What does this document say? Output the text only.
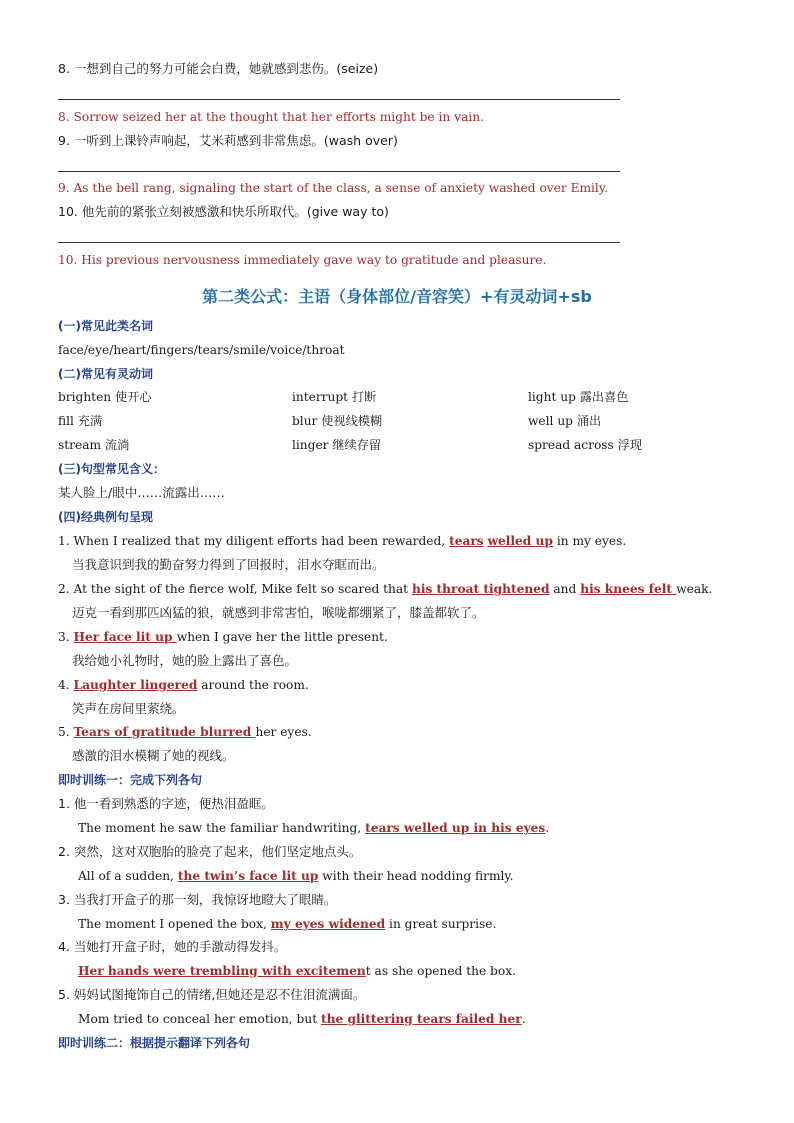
8. 一想到自己的努力可能会白费，她就感到悲伤。(seize)
8. Sorrow seized her at the thought that her efforts might be in vain.
9. 一听到上课铃声响起，艾米莉感到非常焦虑。(wash over)
9. As the bell rang, signaling the start of the class, a sense of anxiety washed over Emily.
10. 他先前的紧张立刻被感激和快乐所取代。(give way to)
10. His previous nervousness immediately gave way to gratitude and pleasure.
第二类公式：主语（身体部位/音容笑）+有灵动词+sb
(一)常见此类名词
face/eye/heart/fingers/tears/smile/voice/throat
(二)常见有灵动词
brighten 使开心	interrupt 打断	light up 露出喜色
fill 充满	blur 使视线模糊	well up 涌出
stream 流淌	linger 继续存留	spread across 浮现
(三)句型常见含义：
某人脸上/眼中……流露出……
(四)经典例句呈现
1. When I realized that my diligent efforts had been rewarded, tears welled up in my eyes.
当我意识到我的勤奋努力得到了回报时，泪水夺眶而出。
2. At the sight of the fierce wolf, Mike felt so scared that his throat tightened and his knees felt weak.
迈克一看到那匹凶猛的狼，就感到非常害怕，喉咙都绷紧了，膝盖都软了。
3. Her face lit up when I gave her the little present.
我给她小礼物时，她的脸上露出了喜色。
4. Laughter lingered around the room.
笑声在房间里萦绕。
5. Tears of gratitude blurred her eyes.
感激的泪水模糊了她的视线。
即时训练一：完成下列各句
1. 他一看到熟悉的字迹，便热泪盈眶。
The moment he saw the familiar handwriting, tears welled up in his eyes.
2. 突然，这对双胞胎的脸亮了起来，他们坚定地点头。
All of a sudden, the twin’s face lit up with their head nodding firmly.
3. 当我打开盒子的那一刻，我惊讶地瞪大了眼睛。
The moment I opened the box, my eyes widened in great surprise.
4. 当她打开盒子时，她的手激动得发抖。
Her hands were trembling with excitement as she opened the box.
5. 妈妈试图掩饰自己的情绪,但她还是忍不住泪流满面。
Mom tried to conceal her emotion, but the glittering tears failed her.
即时训练二：根据提示翻译下列各句
